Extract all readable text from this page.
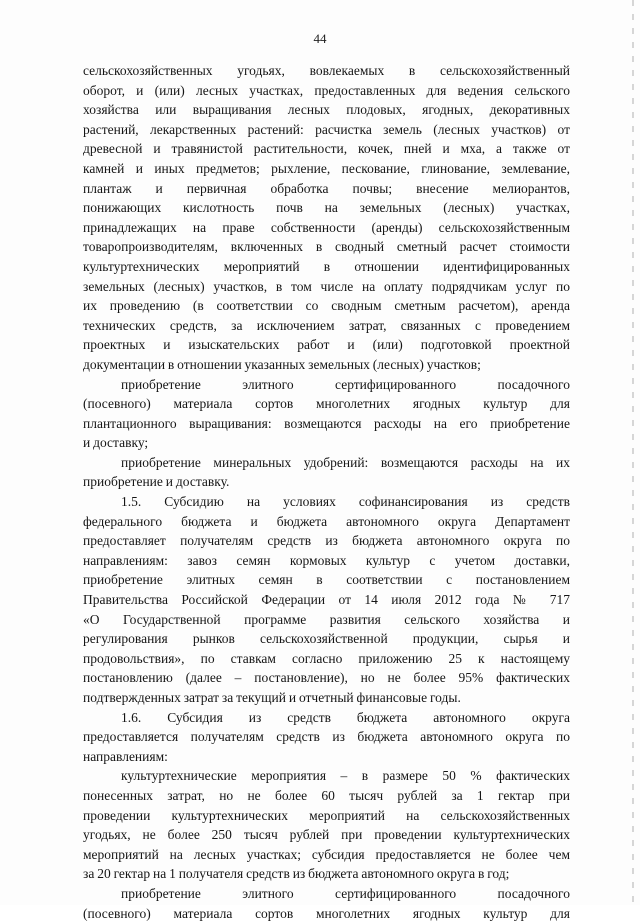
44
сельскохозяйственных угодьях, вовлекаемых в сельскохозяйственный
оборот, и (или) лесных участках, предоставленных для ведения сельского
хозяйства или выращивания лесных плодовых, ягодных, декоративных
растений, лекарственных растений: расчистка земель (лесных участков) от
древесной и травянистой растительности, кочек, пней и мха, а также от
камней и иных предметов; рыхление, пескование, глинование, землевание,
плантаж и первичная обработка почвы; внесение мелиорантов,
понижающих кислотность почв на земельных (лесных) участках,
принадлежащих на праве собственности (аренды) сельскохозяйственным
товаропроизводителям, включенных в сводный сметный расчет стоимости
культуртехнических мероприятий в отношении идентифицированных
земельных (лесных) участков, в том числе на оплату подрядчикам услуг по
их проведению (в соответствии со сводным сметным расчетом), аренда
технических средств, за исключением затрат, связанных с проведением
проектных и изыскательских работ и (или) подготовкой проектной
документации в отношении указанных земельных (лесных) участков;
приобретение элитного сертифицированного посадочного
(посевного) материала сортов многолетних ягодных культур для
плантационного выращивания: возмещаются расходы на его приобретение
и доставку;
приобретение минеральных удобрений: возмещаются расходы на их
приобретение и доставку.
1.5. Субсидию на условиях софинансирования из средств
федерального бюджета и бюджета автономного округа Департамент
предоставляет получателям средств из бюджета автономного округа по
направлениям: завоз семян кормовых культур с учетом доставки,
приобретение элитных семян в соответствии с постановлением
Правительства Российской Федерации от 14 июля 2012 года № 717
«О Государственной программе развития сельского хозяйства и
регулирования рынков сельскохозяйственной продукции, сырья и
продовольствия», по ставкам согласно приложению 25 к настоящему
постановлению (далее – постановление), но не более 95% фактических
подтвержденных затрат за текущий и отчетный финансовые годы.
1.6. Субсидия из средств бюджета автономного округа
предоставляется получателям средств из бюджета автономного округа по
направлениям:
культуртехнические мероприятия – в размере 50 % фактических
понесенных затрат, но не более 60 тысяч рублей за 1 гектар при
проведении культуртехнических мероприятий на сельскохозяйственных
угодьях, не более 250 тысяч рублей при проведении культуртехнических
мероприятий на лесных участках; субсидия предоставляется не более чем
за 20 гектар на 1 получателя средств из бюджета автономного округа в год;
приобретение элитного сертифицированного посадочного
(посевного) материала сортов многолетних ягодных культур для
